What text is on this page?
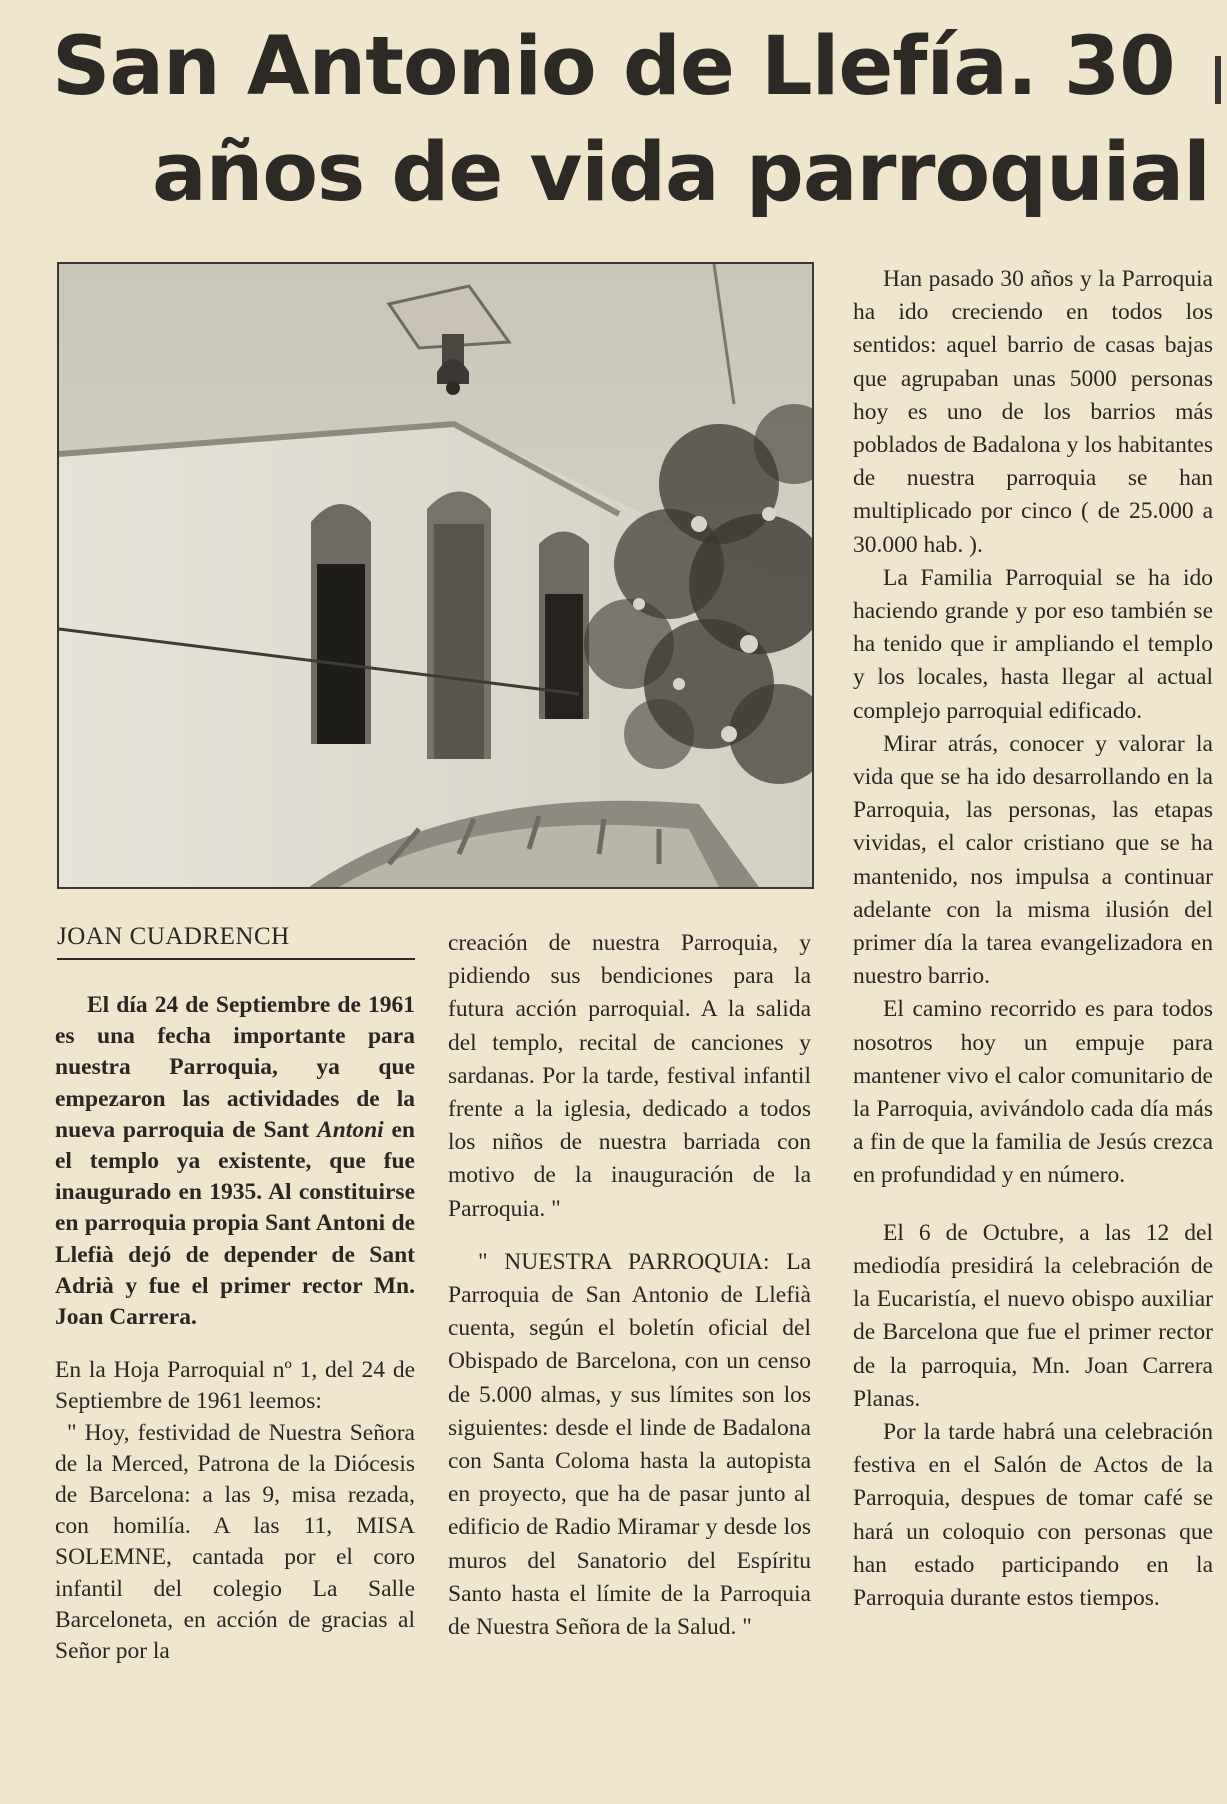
San Antonio de Llefía. 30
años de vida parroquial
JOAN CUADRENCH

El día 24 de Septiembre de 1961 es una fecha importante para nuestra Parroquia, ya que empezaron las actividades de la nueva parroquia de Sant Antoni en el templo ya existente, que fue inaugurado en 1935. Al constituirse en parroquia propia Sant Antoni de Llefià dejó de depender de Sant Adrià y fue el primer rector Mn. Joan Carrera.

En la Hoja Parroquial nº 1, del 24 de Septiembre de 1961 leemos:

" Hoy, festividad de Nuestra Señora de la Merced, Patrona de la Diócesis de Barcelona: a las 9, misa rezada, con homilía. A las 11, MISA SOLEMNE, cantada por el coro infantil del colegio La Salle Barceloneta, en acción de gracias al Señor por la

creación de nuestra Parroquia, y pidiendo sus bendiciones para la futura acción parroquial. A la salida del templo, recital de canciones y sardanas. Por la tarde, festival infantil frente a la iglesia, dedicado a todos los niños de nuestra barriada con motivo de la inauguración de la Parroquia. "

" NUESTRA PARROQUIA: La Parroquia de San Antonio de Llefià cuenta, según el boletín oficial del Obispado de Barcelona, con un censo de 5.000 almas, y sus límites son los siguientes: desde el linde de Badalona con Santa Coloma hasta la autopista en proyecto, que ha de pasar junto al edificio de Radio Miramar y desde los muros del Sanatorio del Espíritu Santo hasta el límite de la Parroquia de Nuestra Señora de la Salud. "

Han pasado 30 años y la Parroquia ha ido creciendo en todos los sentidos: aquel barrio de casas bajas que agrupaban unas 5000 personas hoy es uno de los barrios más poblados de Badalona y los habitantes de nuestra parroquia se han multiplicado por cinco ( de 25.000 a 30.000 hab. ).

La Familia Parroquial se ha ido haciendo grande y por eso también se ha tenido que ir ampliando el templo y los locales, hasta llegar al actual complejo parroquial edificado.

Mirar atrás, conocer y valorar la vida que se ha ido desarrollando en la Parroquia, las personas, las etapas vividas, el calor cristiano que se ha mantenido, nos impulsa a continuar adelante con la misma ilusión del primer día la tarea evangelizadora en nuestro barrio.

El camino recorrido es para todos nosotros hoy un empuje para mantener vivo el calor comunitario de la Parroquia, avivándolo cada día más a fin de que la familia de Jesús crezca en profundidad y en número.

El 6 de Octubre, a las 12 del mediodía presidirá la celebración de la Eucaristía, el nuevo obispo auxiliar de Barcelona que fue el primer rector de la parroquia, Mn. Joan Carrera Planas.

Por la tarde habrá una celebración festiva en el Salón de Actos de la Parroquia, despues de tomar café se hará un coloquio con personas que han estado participando en la Parroquia durante estos tiempos.
